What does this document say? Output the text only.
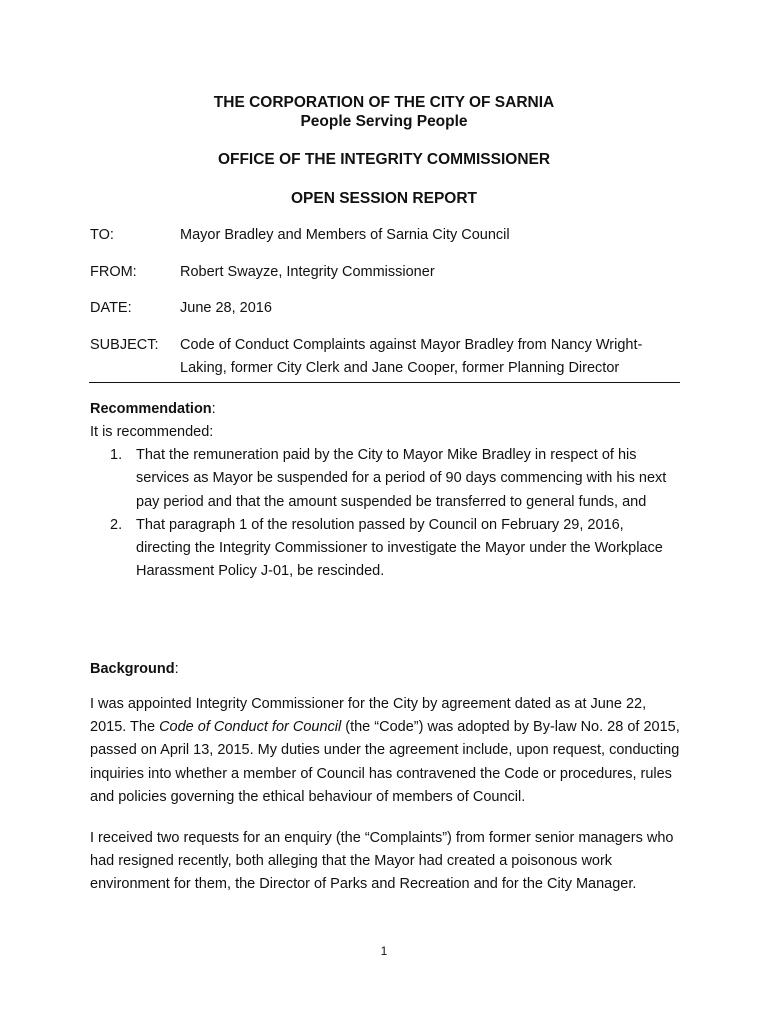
THE CORPORATION OF THE CITY OF SARNIA
People Serving People
OFFICE OF THE INTEGRITY COMMISSIONER
OPEN SESSION REPORT
TO:	Mayor Bradley and Members of Sarnia City Council
FROM:	Robert Swayze, Integrity Commissioner
DATE:	June 28, 2016
SUBJECT: Code of Conduct Complaints against Mayor Bradley from Nancy Wright-Laking, former City Clerk and Jane Cooper, former Planning Director
Recommendation:
It is recommended:
1. That the remuneration paid by the City to Mayor Mike Bradley in respect of his services as Mayor be suspended for a period of 90 days commencing with his next pay period and that the amount suspended be transferred to general funds, and
2. That paragraph 1 of the resolution passed by Council on February 29, 2016, directing the Integrity Commissioner to investigate the Mayor under the Workplace Harassment Policy J-01, be rescinded.
Background:
I was appointed Integrity Commissioner for the City by agreement dated as at June 22, 2015. The Code of Conduct for Council (the “Code”) was adopted by By-law No. 28 of 2015, passed on April 13, 2015. My duties under the agreement include, upon request, conducting inquiries into whether a member of Council has contravened the Code or procedures, rules and policies governing the ethical behaviour of members of Council.
I received two requests for an enquiry (the “Complaints”) from former senior managers who had resigned recently, both alleging that the Mayor had created a poisonous work environment for them, the Director of Parks and Recreation and for the City Manager.
1
